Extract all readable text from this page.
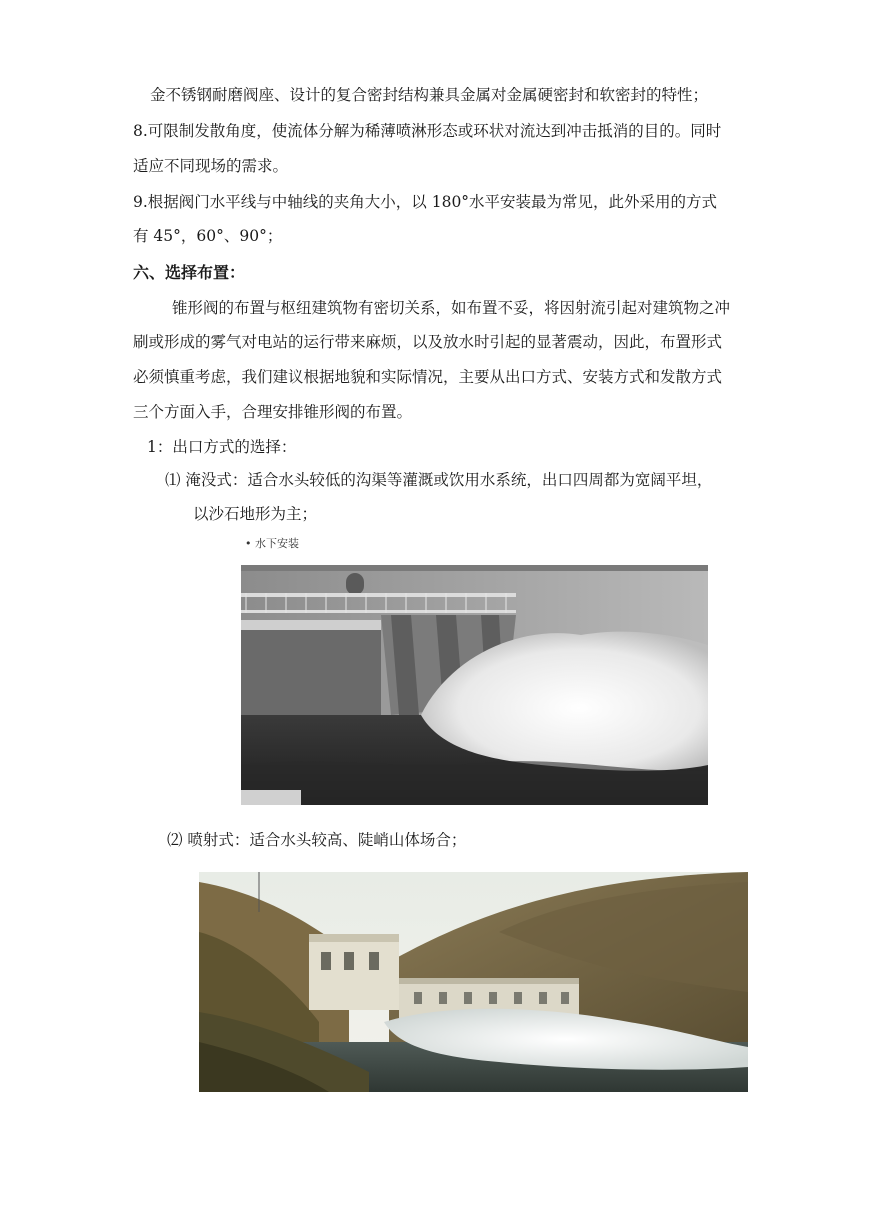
金不锈钢耐磨阀座、设计的复合密封结构兼具金属对金属硬密封和软密封的特性；
8.可限制发散角度，使流体分解为稀薄喷淋形态或环状对流达到冲击抵消的目的。同时
适应不同现场的需求。
9.根据阀门水平线与中轴线的夹角大小，以 180°水平安装最为常见，此外采用的方式
有 45°，60°、90°；
六、选择布置：
锥形阀的布置与枢纽建筑物有密切关系，如布置不妥，将因射流引起对建筑物之冲
刷或形成的雾气对电站的运行带来麻烦，以及放水时引起的显著震动，因此，布置形式
必须慎重考虑，我们建议根据地貌和实际情况，主要从出口方式、安装方式和发散方式
三个方面入手，合理安排锥形阀的布置。
1：出口方式的选择：
⑴ 淹没式：适合水头较低的沟渠等灌溉或饮用水系统，出口四周都为宽阔平坦，
以沙石地形为主；
• 水下安装
⑵ 喷射式：适合水头较高、陡峭山体场合；
